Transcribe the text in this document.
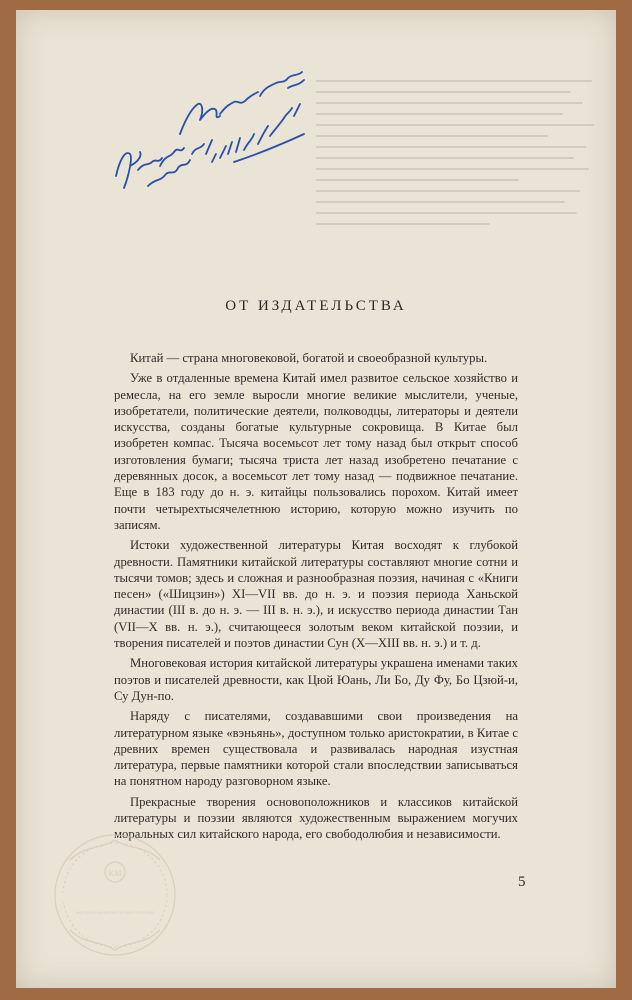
ОТ ИЗДАТЕЛЬСТВА

Китай — страна многовековой, богатой и своеобразной культуры.

Уже в отдаленные времена Китай имел развитое сельское хозяйство и ремесла, на его земле выросли многие великие мыслители, ученые, изобретатели, политические деятели, полководцы, литераторы и деятели искусства, созданы богатые культурные сокровища. В Китае был изобретен компас. Тысяча восемьсот лет тому назад был открыт способ изготовления бумаги; тысяча триста лет назад изобретено печатание с деревянных досок, а восемьсот лет тому назад — подвижное печатание. Еще в 183 году до н. э. китайцы пользовались порохом. Китай имеет почти четырехтысячелетнюю историю, которую можно изучить по записям.

Истоки художественной литературы Китая восходят к глубокой древности. Памятники китайской литературы составляют многие сотни и тысячи томов; здесь и сложная и разнообразная поэзия, начиная с «Книги песен» («Шицзин») XI—VII вв. до н. э. и поэзия периода Ханьской династии (III в. до н. э. — III в. н. э.), и искусство периода династии Тан (VII—X вв. н. э.), считающееся золотым веком китайской поэзии, и творения писателей и поэтов династии Сун (X—XIII вв. н. э.) и т. д.

Многовековая история китайской литературы украшена именами таких поэтов и писателей древности, как Цюй Юань, Ли Бо, Ду Фу, Бо Цзюй-и, Су Дун-по.

Наряду с писателями, создававшими свои произведения на литературном языке «вэньянь», доступном только аристократии, в Китае с древних времен существовала и развивалась народная изустная литература, первые памятники которой стали впоследствии записываться на понятном народу разговорном языке.

Прекрасные творения основоположников и классиков китайской литературы и поэзии являются художественным выражением могучих моральных сил китайского народа, его свободолюбия и независимости.

5
KM
Katia Market.com
ANTIQUARIAN BOOKS & RARE EDITIONS
